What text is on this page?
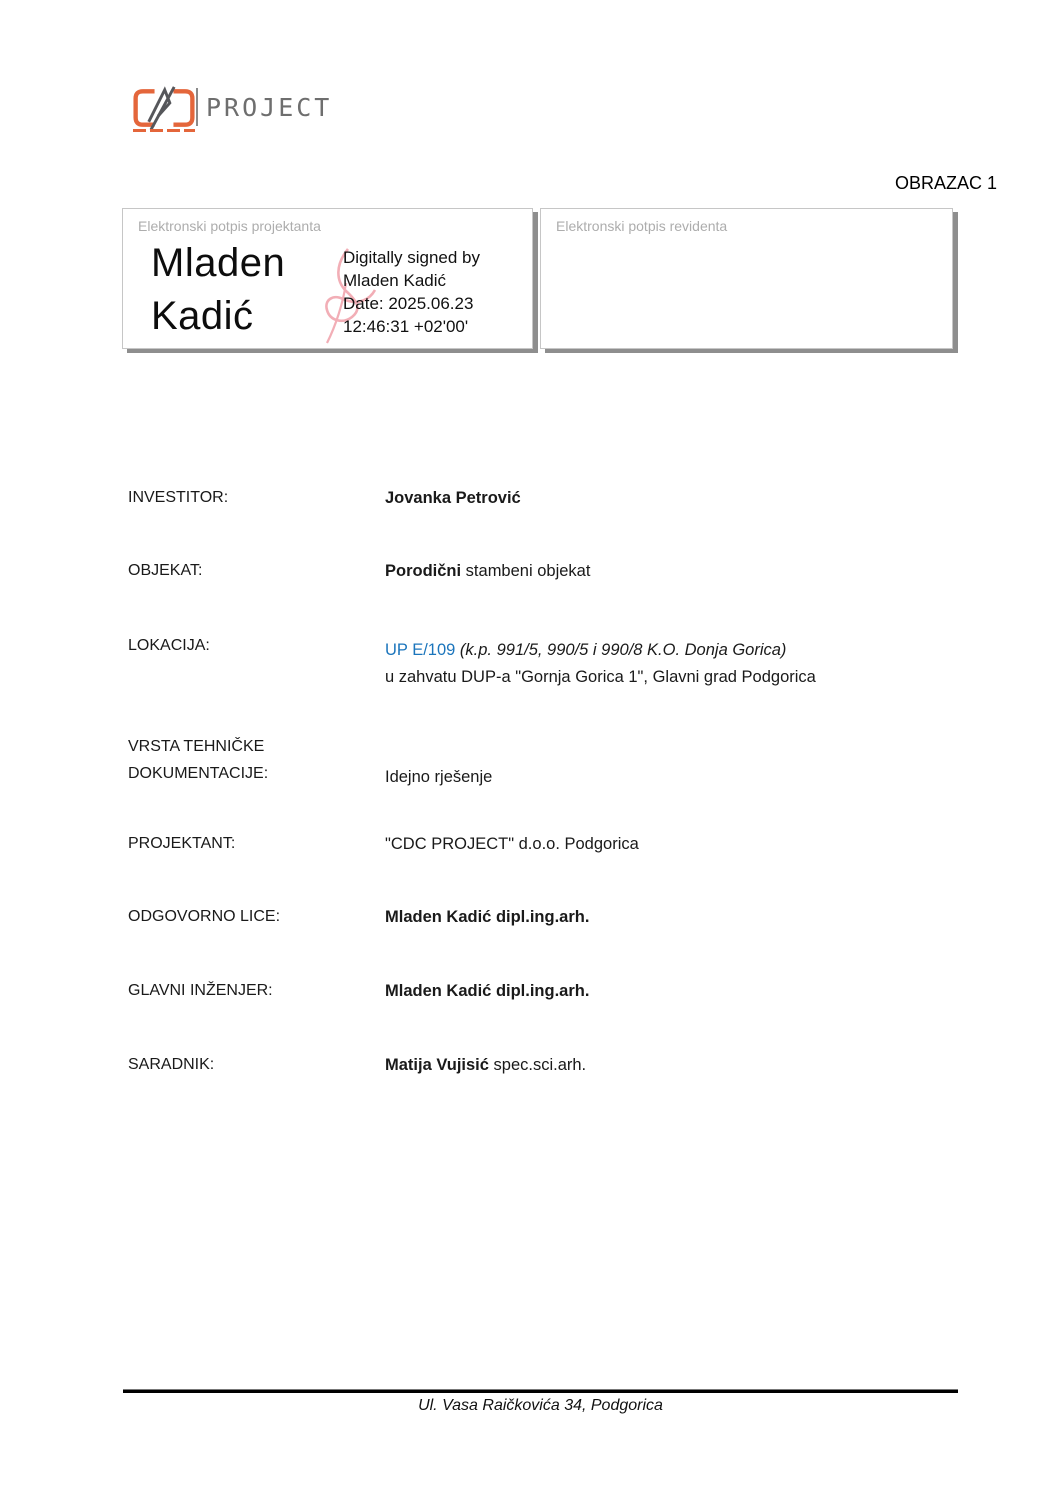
PROJECT
OBRAZAC 1
Elektronski potpis projektanta
Mladen
Kadić
Digitally signed by
Mladen Kadić
Date: 2025.06.23
12:46:31 +02'00'
Elektronski potpis revidenta
INVESTITOR:	Jovanka Petrović
OBJEKAT:	Porodični stambeni objekat
LOKACIJA:	UP E/109 (k.p. 991/5, 990/5 i 990/8 K.O. Donja Gorica)
u zahvatu DUP-a "Gornja Gorica 1", Glavni grad Podgorica
VRSTA TEHNIČKE
DOKUMENTACIJE:	Idejno rješenje
PROJEKTANT:	"CDC PROJECT" d.o.o. Podgorica
ODGOVORNO LICE:	Mladen Kadić dipl.ing.arh.
GLAVNI INŽENJER:	Mladen Kadić dipl.ing.arh.
SARADNIK:	Matija Vujisić spec.sci.arh.
Ul. Vasa Raičkovića 34, Podgorica
